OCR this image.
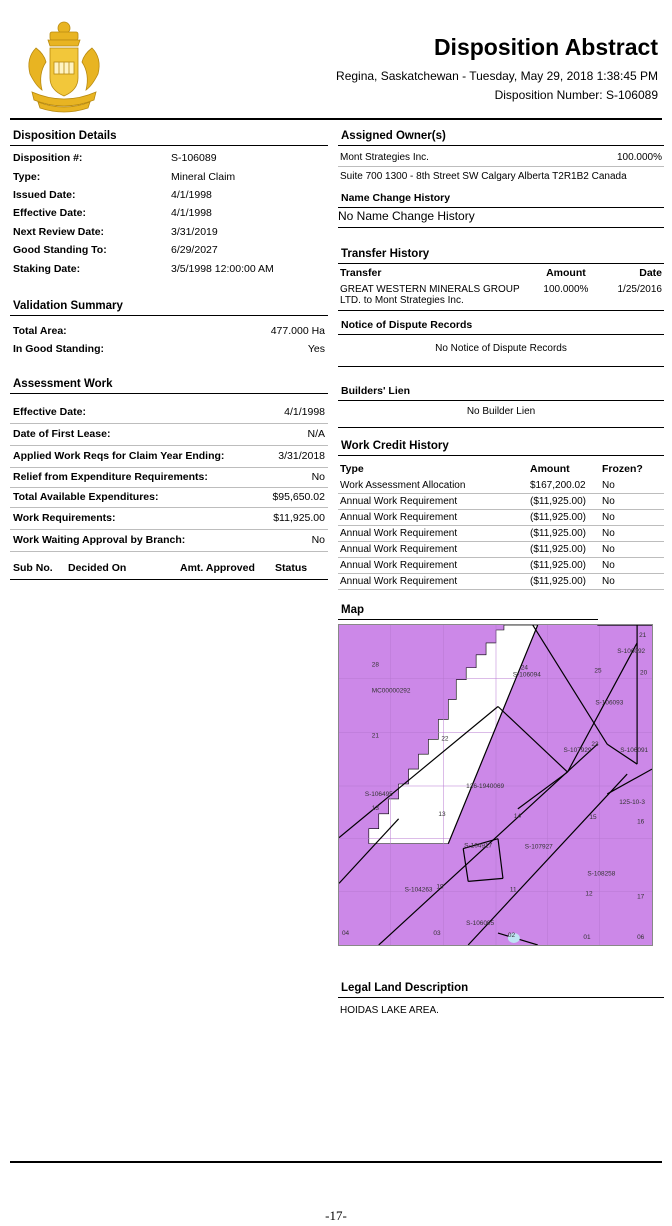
Disposition Abstract
Regina, Saskatchewan - Tuesday, May 29, 2018 1:38:45 PM
Disposition Number: S-106089
Disposition Details
Disposition #:	S-106089
Type:	Mineral Claim
Issued Date:	4/1/1998
Effective Date:	4/1/1998
Next Review Date:	3/31/2019
Good Standing To:	6/29/2027
Staking Date:	3/5/1998 12:00:00 AM
Validation Summary
Total Area:	477.000 Ha
In Good Standing:	Yes
Assessment Work
Effective Date:	4/1/1998
Date of First Lease:	N/A
Applied Work Reqs for Claim Year Ending:	3/31/2018
Relief from Expenditure Requirements:	No
Total Available Expenditures:	$95,650.02
Work Requirements:	$11,925.00
Work Waiting Approval by Branch:	No
Sub No.	Decided On	Amt. Approved	Status
Assigned Owner(s)
Mont Strategies Inc.	100.000%
Suite 700 1300 - 8th Street SW Calgary Alberta T2R1B2 Canada
Name Change History
No Name Change History
Transfer History
Transfer	Amount	Date
GREAT WESTERN MINERALS GROUP LTD. to Mont Strategies Inc.	100.000%	1/25/2016
Notice of Dispute Records
No Notice of Dispute Records
Builders' Lien
No Builder Lien
Work Credit History
Type	Amount	Frozen?
Work Assessment Allocation	$167,200.02	No
Annual Work Requirement	($11,925.00)	No
Annual Work Requirement	($11,925.00)	No
Annual Work Requirement	($11,925.00)	No
Annual Work Requirement	($11,925.00)	No
Annual Work Requirement	($11,925.00)	No
Annual Work Requirement	($11,925.00)	No
Map
28	24	25
21
20
21	22
23
13	14	15
16
13
12
11
19
17
04	03	02	01	06
MC00000292
S-106094
S-106092
S-106093
S-107929	S-106091
S-106495
126-1940069
S-104917	S-107927
S-108258
S-104263
S-106095
125-10-3
Legal Land Description
HOIDAS LAKE AREA.
-17-
